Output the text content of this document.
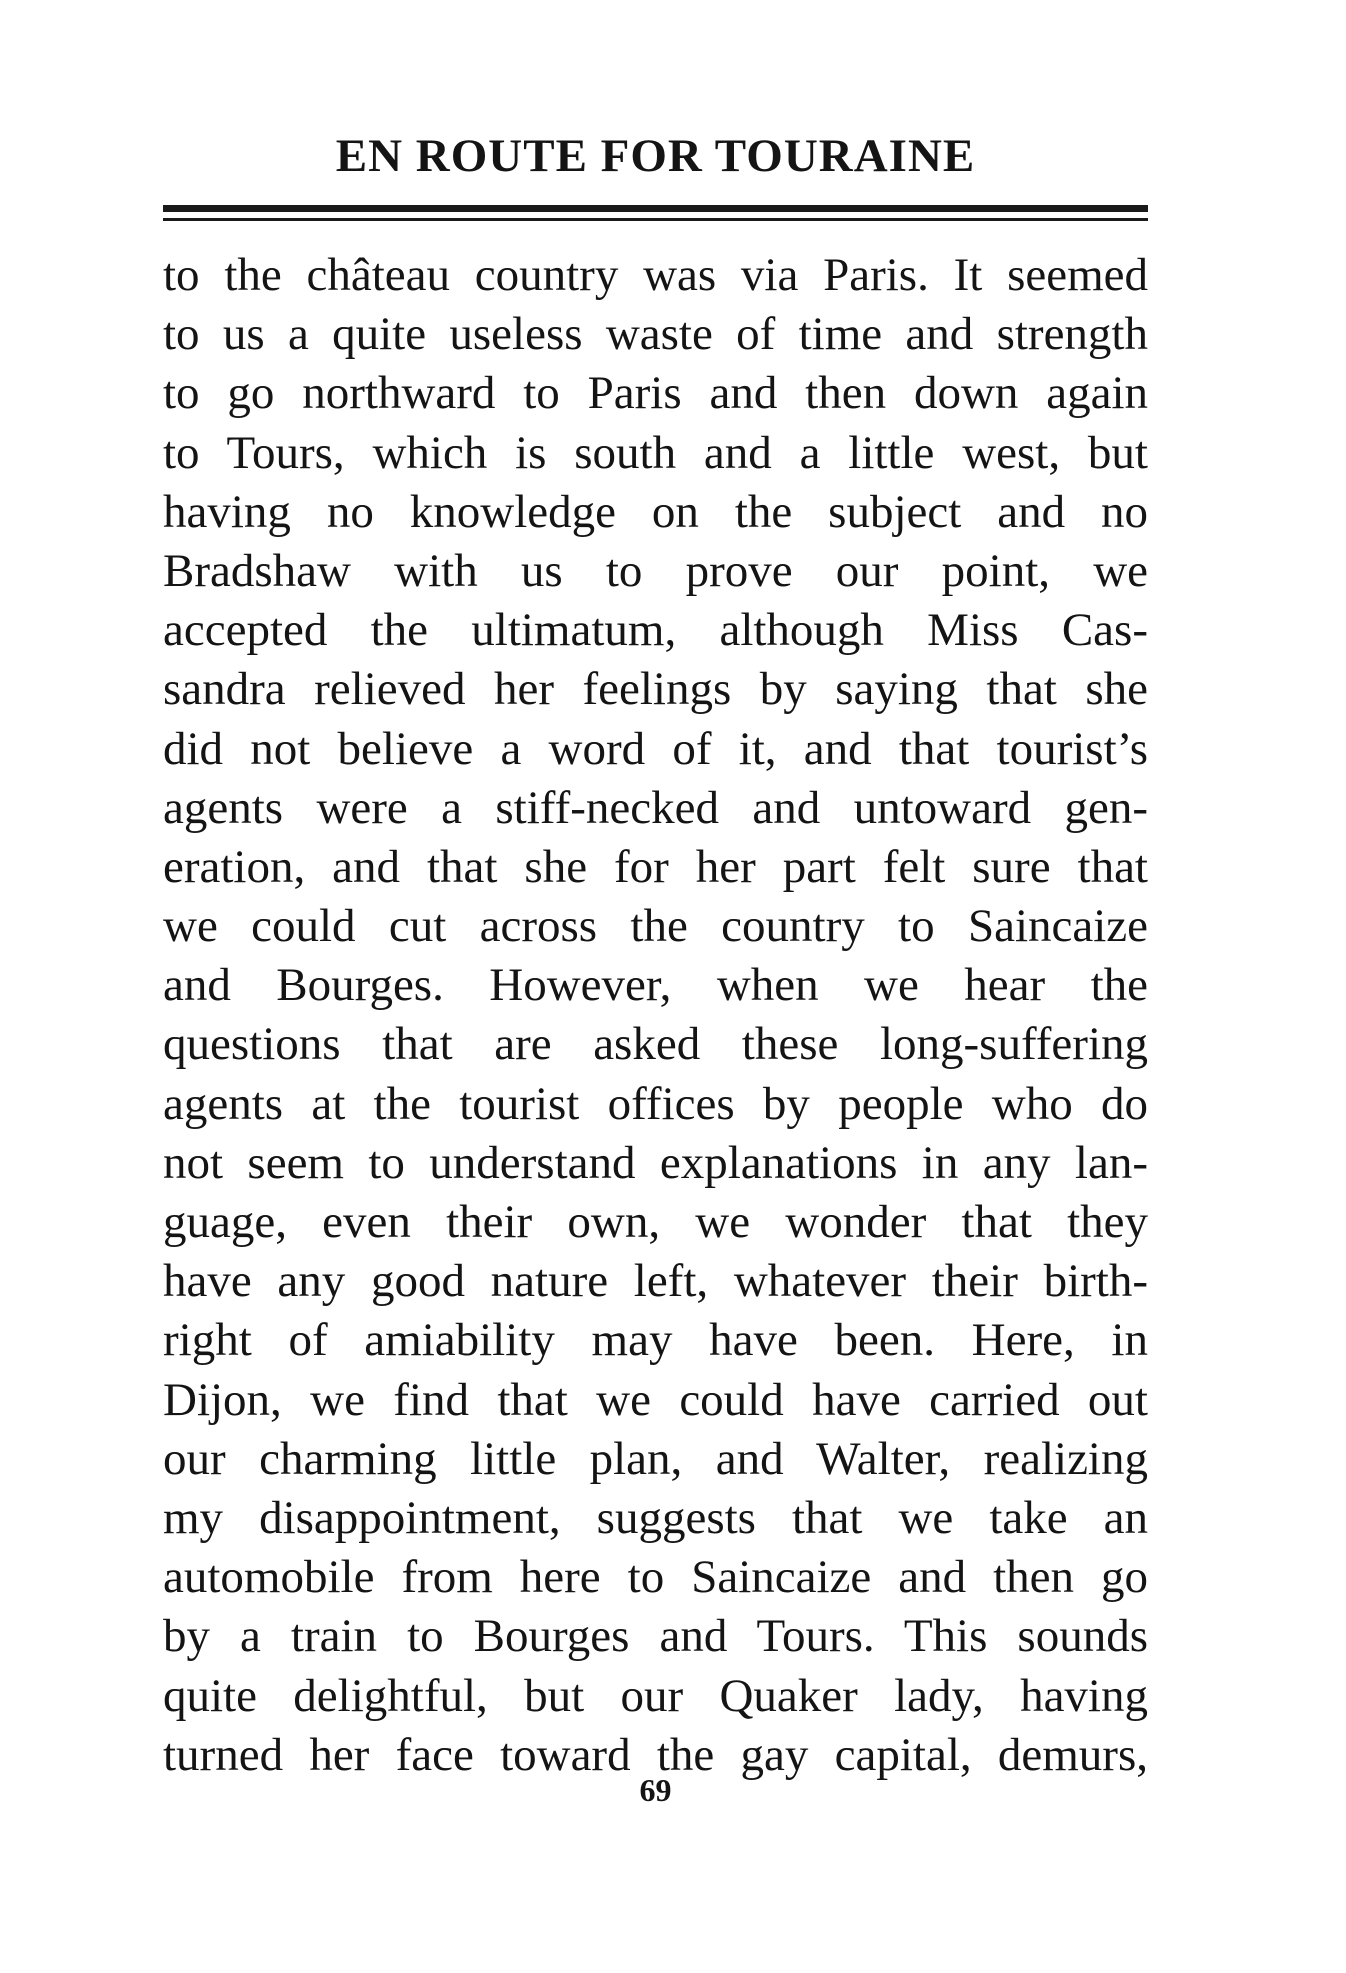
EN ROUTE FOR TOURAINE
to the château country was via Paris. It seemed
to us a quite useless waste of time and strength
to go northward to Paris and then down again
to Tours, which is south and a little west, but
having no knowledge on the subject and no
Bradshaw with us to prove our point, we
accepted the ultimatum, although Miss Cas-
sandra relieved her feelings by saying that she
did not believe a word of it, and that tourist’s
agents were a stiff-necked and untoward gen-
eration, and that she for her part felt sure that
we could cut across the country to Saincaize
and Bourges. However, when we hear the
questions that are asked these long-suffering
agents at the tourist offices by people who do
not seem to understand explanations in any lan-
guage, even their own, we wonder that they
have any good nature left, whatever their birth-
right of amiability may have been. Here, in
Dijon, we find that we could have carried out
our charming little plan, and Walter, realizing
my disappointment, suggests that we take an
automobile from here to Saincaize and then go
by a train to Bourges and Tours. This sounds
quite delightful, but our Quaker lady, having
turned her face toward the gay capital, demurs,
69
